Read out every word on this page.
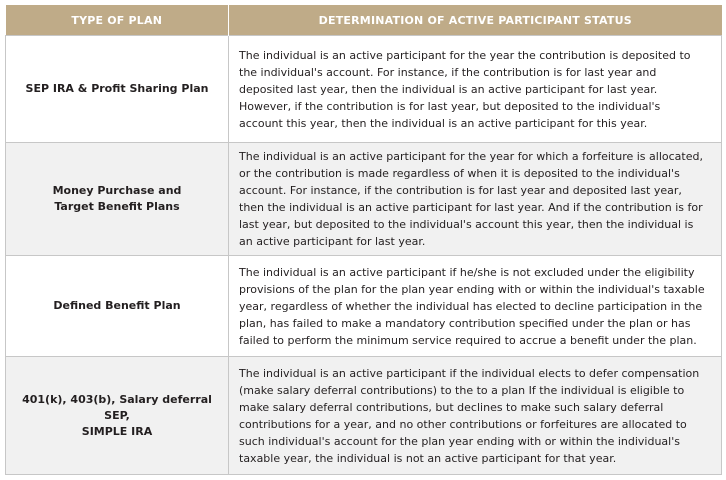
TYPE OF PLAN	DETERMINATION OF ACTIVE PARTICIPANT STATUS

SEP IRA & Profit Sharing Plan	The individual is an active participant for the year the contribution is deposited to the individual's account. For instance, if the contribution is for last year and deposited last year, then the individual is an active participant for last year. However, if the contribution is for last year, but deposited to the individual's account this year, then the individual is an active participant for this year.

Money Purchase and
Target Benefit Plans	The individual is an active participant for the year for which a forfeiture is allocated, or the contribution is made regardless of when it is deposited to the individual's account. For instance, if the contribution is for last year and deposited last year, then the individual is an active participant for last year. And if the contribution is for last year, but deposited to the individual's account this year, then the individual is an active participant for last year.

Defined Benefit Plan	The individual is an active participant if he/she is not excluded under the eligibility provisions of the plan for the plan year ending with or within the individual's taxable year, regardless of whether the individual has elected to decline participation in the plan, has failed to make a mandatory contribution specified under the plan or has failed to perform the minimum service required to accrue a benefit under the plan.

401(k), 403(b), Salary deferral SEP,
SIMPLE IRA	The individual is an active participant if the individual elects to defer compensation (make salary deferral contributions) to the to a plan If the individual is eligible to make salary deferral contributions, but declines to make such salary deferral contributions for a year, and no other contributions or forfeitures are allocated to such individual's account for the plan year ending with or within the individual's taxable year, the individual is not an active participant for that year.
